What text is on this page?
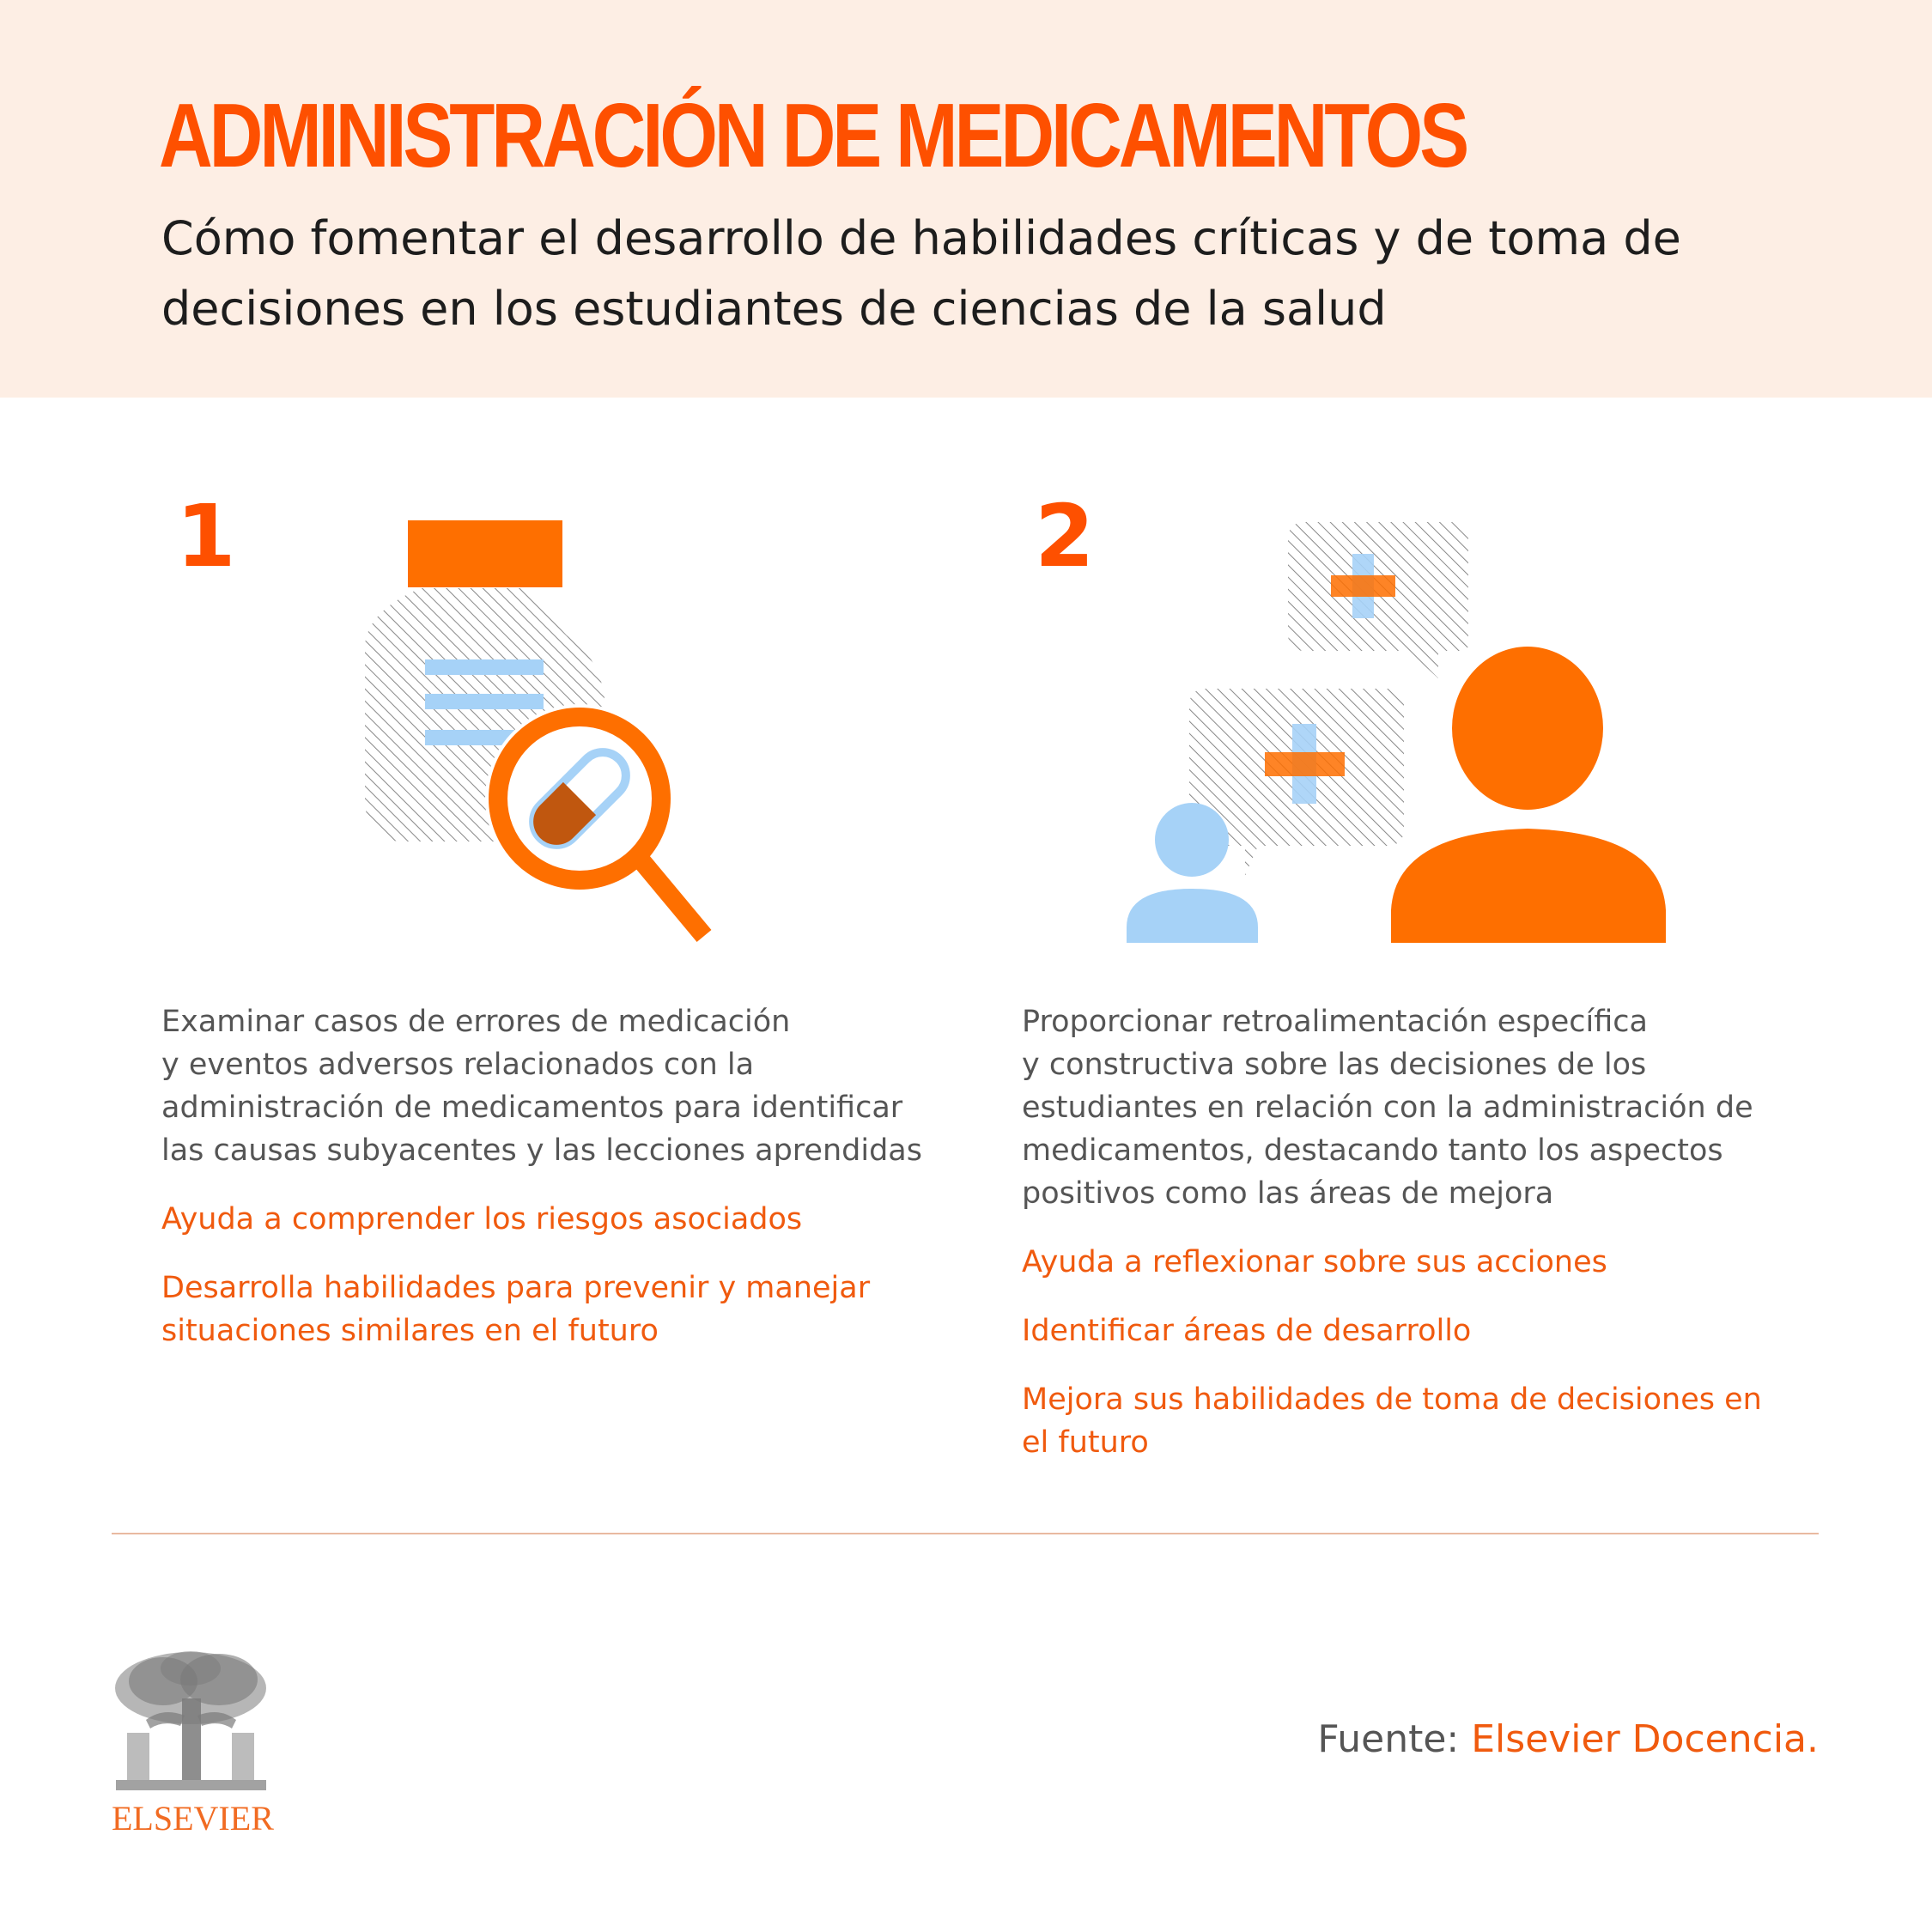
ADMINISTRACIÓN DE MEDICAMENTOS

Cómo fomentar el desarrollo de habilidades críticas y de toma de
decisiones en los estudiantes de ciencias de la salud

1

Examinar casos de errores de medicación
y eventos adversos relacionados con la
administración de medicamentos para identificar
las causas subyacentes y las lecciones aprendidas

Ayuda a comprender los riesgos asociados

Desarrolla habilidades para prevenir y manejar
situaciones similares en el futuro

2

Proporcionar retroalimentación específica
y constructiva sobre las decisiones de los
estudiantes en relación con la administración de
medicamentos, destacando tanto los aspectos
positivos como las áreas de mejora

Ayuda a reflexionar sobre sus acciones

Identificar áreas de desarrollo

Mejora sus habilidades de toma de decisiones en
el futuro

ELSEVIER
Fuente: Elsevier Docencia.
